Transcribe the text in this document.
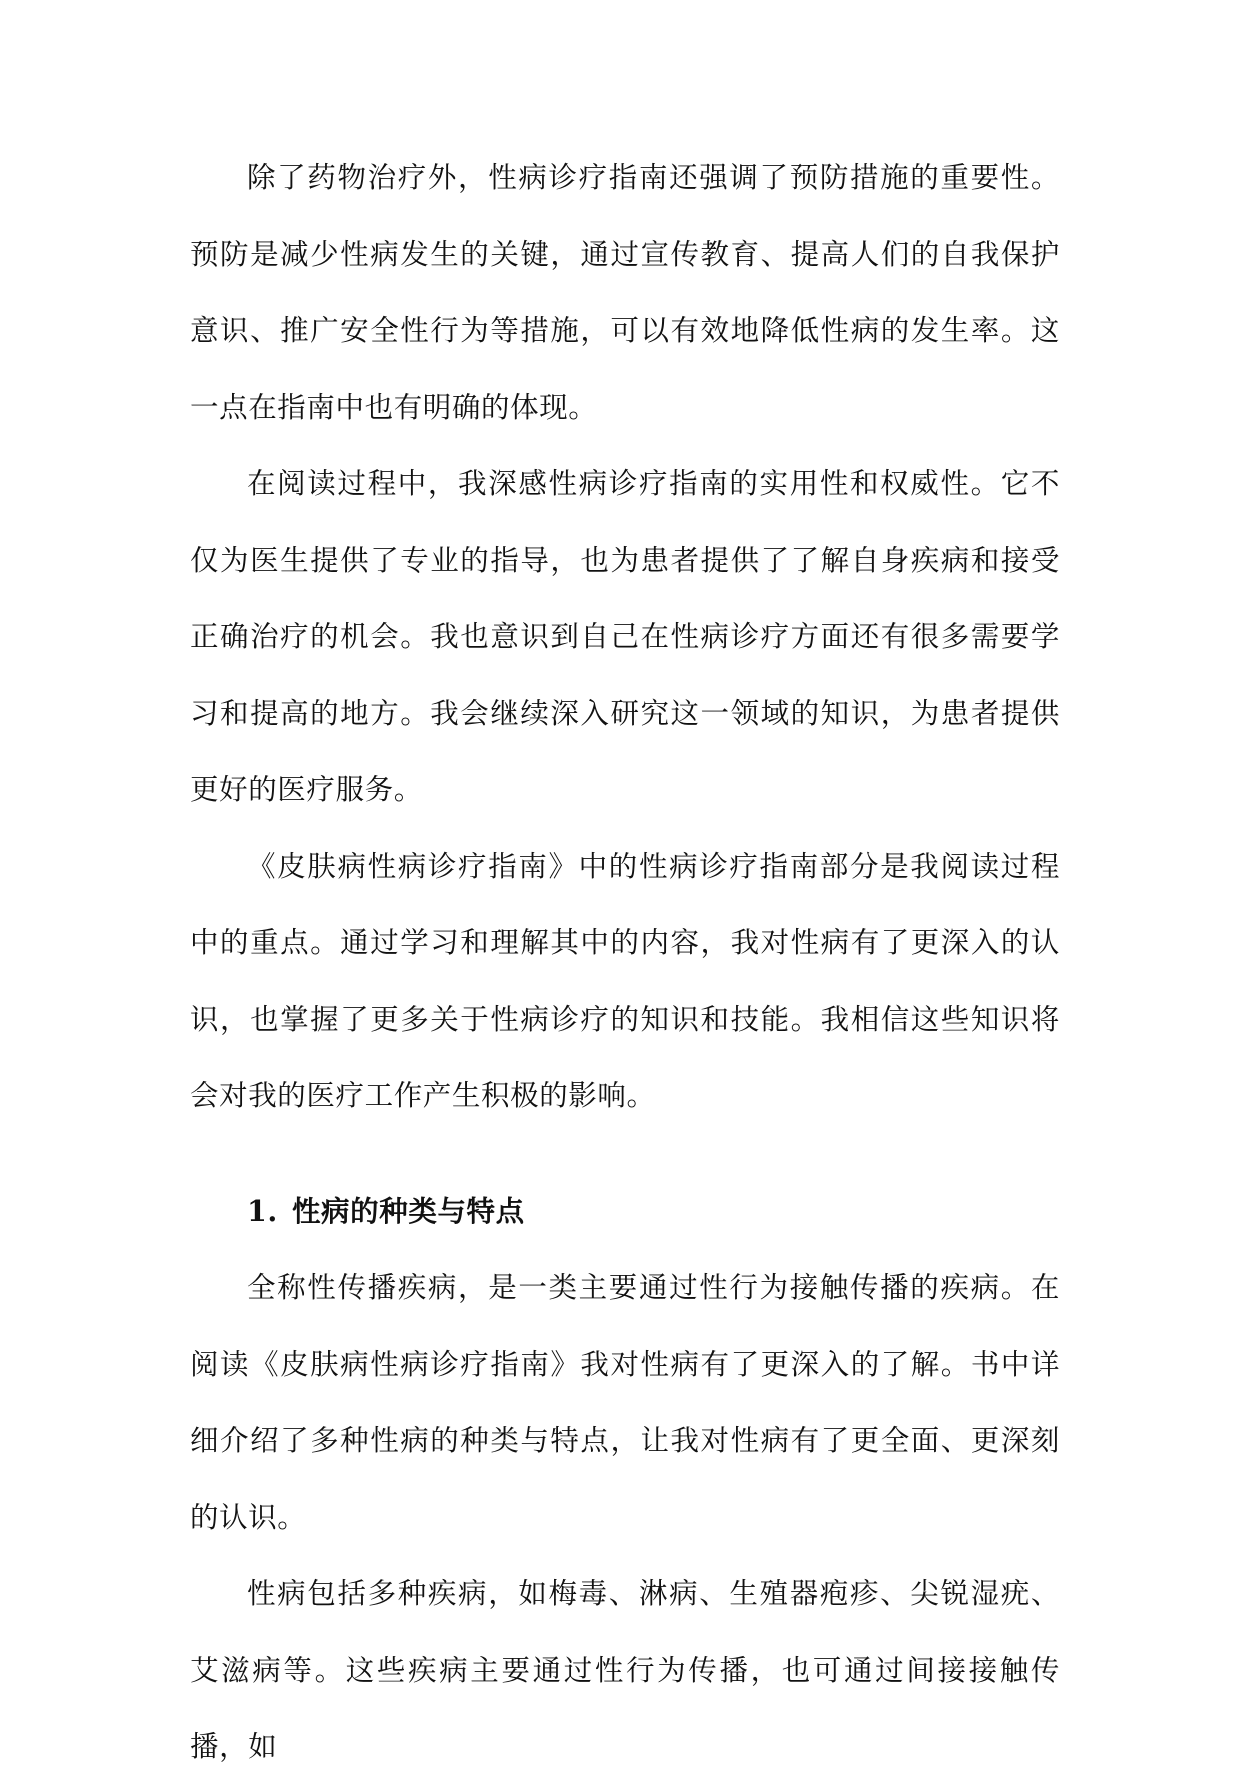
除了药物治疗外，性病诊疗指南还强调了预防措施的重要性。预防是减少性病发生的关键，通过宣传教育、提高人们的自我保护意识、推广安全性行为等措施，可以有效地降低性病的发生率。这一点在指南中也有明确的体现。

在阅读过程中，我深感性病诊疗指南的实用性和权威性。它不仅为医生提供了专业的指导，也为患者提供了了解自身疾病和接受正确治疗的机会。我也意识到自己在性病诊疗方面还有很多需要学习和提高的地方。我会继续深入研究这一领域的知识，为患者提供更好的医疗服务。

《皮肤病性病诊疗指南》中的性病诊疗指南部分是我阅读过程中的重点。通过学习和理解其中的内容，我对性病有了更深入的认识，也掌握了更多关于性病诊疗的知识和技能。我相信这些知识将会对我的医疗工作产生积极的影响。

1. 性病的种类与特点

全称性传播疾病，是一类主要通过性行为接触传播的疾病。在阅读《皮肤病性病诊疗指南》我对性病有了更深入的了解。书中详细介绍了多种性病的种类与特点，让我对性病有了更全面、更深刻的认识。

性病包括多种疾病，如梅毒、淋病、生殖器疱疹、尖锐湿疣、艾滋病等。这些疾病主要通过性行为传播，也可通过间接接触传播，如
